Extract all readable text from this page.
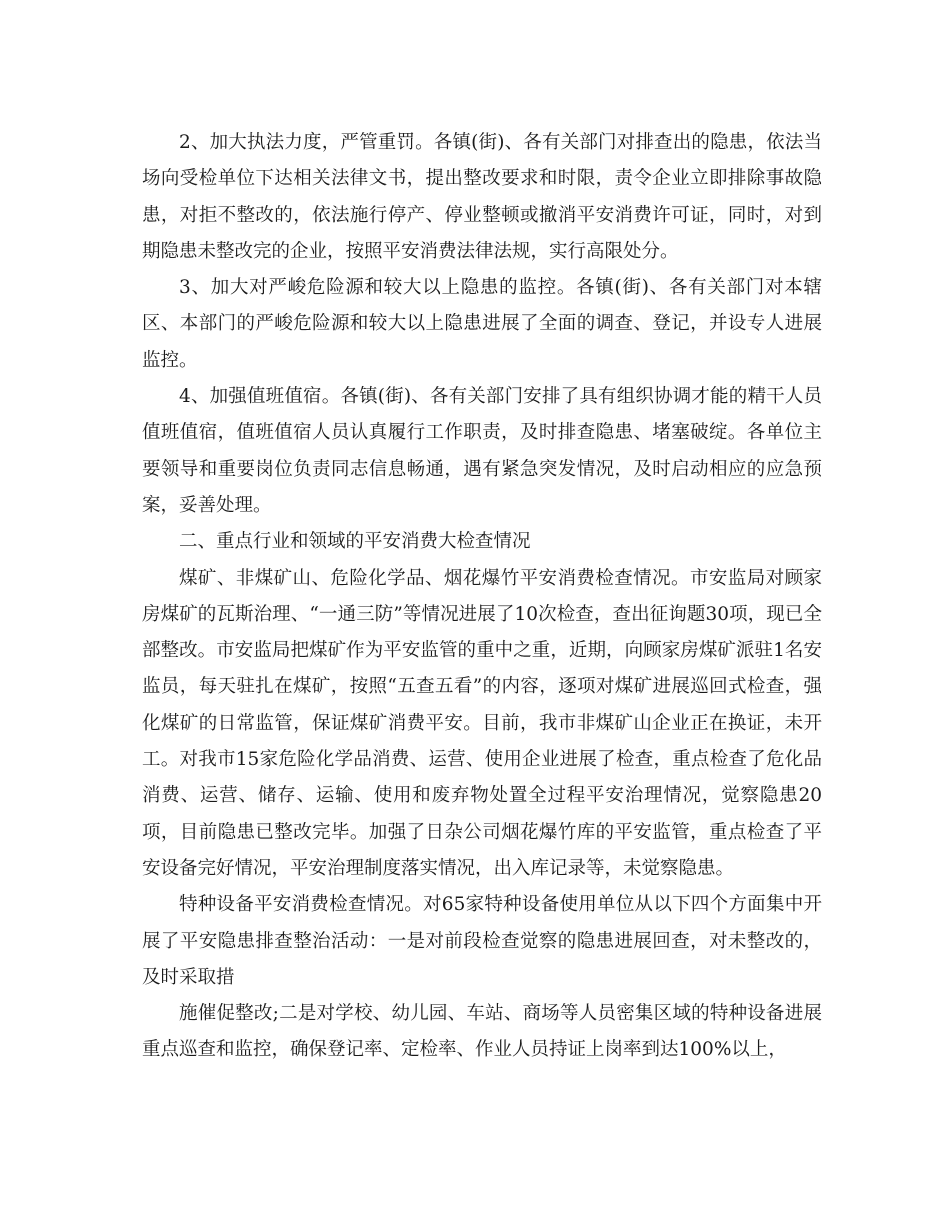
2、加大执法力度，严管重罚。各镇(街)、各有关部门对排查出的隐患，依法当场向受检单位下达相关法律文书，提出整改要求和时限，责令企业立即排除事故隐患，对拒不整改的，依法施行停产、停业整顿或撤消平安消费许可证，同时，对到期隐患未整改完的企业，按照平安消费法律法规，实行高限处分。

3、加大对严峻危险源和较大以上隐患的监控。各镇(街)、各有关部门对本辖区、本部门的严峻危险源和较大以上隐患进展了全面的调查、登记，并设专人进展监控。

4、加强值班值宿。各镇(街)、各有关部门安排了具有组织协调才能的精干人员值班值宿，值班值宿人员认真履行工作职责，及时排查隐患、堵塞破绽。各单位主要领导和重要岗位负责同志信息畅通，遇有紧急突发情况，及时启动相应的应急预案，妥善处理。

二、重点行业和领域的平安消费大检查情况

煤矿、非煤矿山、危险化学品、烟花爆竹平安消费检查情况。市安监局对顾家房煤矿的瓦斯治理、“一通三防”等情况进展了10次检查，查出征询题30项，现已全部整改。市安监局把煤矿作为平安监管的重中之重，近期，向顾家房煤矿派驻1名安监员，每天驻扎在煤矿，按照“五查五看”的内容，逐项对煤矿进展巡回式检查，强化煤矿的日常监管，保证煤矿消费平安。目前，我市非煤矿山企业正在换证，未开工。对我市15家危险化学品消费、运营、使用企业进展了检查，重点检查了危化品消费、运营、储存、运输、使用和废弃物处置全过程平安治理情况，觉察隐患20项，目前隐患已整改完毕。加强了日杂公司烟花爆竹库的平安监管，重点检查了平安设备完好情况，平安治理制度落实情况，出入库记录等，未觉察隐患。

特种设备平安消费检查情况。对65家特种设备使用单位从以下四个方面集中开展了平安隐患排查整治活动：一是对前段检查觉察的隐患进展回查，对未整改的，及时采取措

施催促整改;二是对学校、幼儿园、车站、商场等人员密集区域的特种设备进展重点巡查和监控，确保登记率、定检率、作业人员持证上岗率到达100%以上，
